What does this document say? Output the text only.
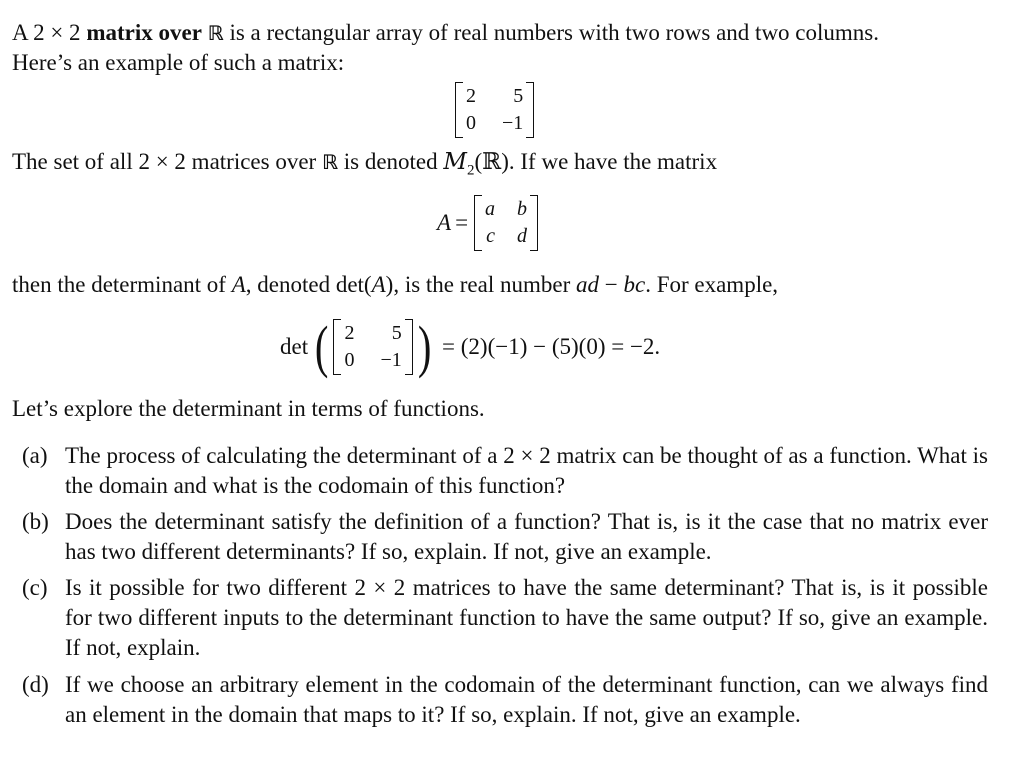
A 2 × 2 matrix over ℝ is a rectangular array of real numbers with two rows and two columns.
Here’s an example of such a matrix:
2	5
0 −1
The set of all 2 × 2 matrices over ℝ is denoted $M_2(ℝ)$. If we have the matrix
A =
a b
c d
then the determinant of A, denoted det(A), is the real number ad − bc. For example,
det ( 2	5
0 −1 ) = (2)(−1) − (5)(0) = −2.
Let’s explore the determinant in terms of functions.
(a) The process of calculating the determinant of a 2 × 2 matrix can be thought of as a function. What is the domain and what is the codomain of this function?
(b) Does the determinant satisfy the definition of a function? That is, is it the case that no matrix ever has two different determinants? If so, explain. If not, give an example.
(c) Is it possible for two different 2 × 2 matrices to have the same determinant? That is, is it possible for two different inputs to the determinant function to have the same output? If so, give an example. If not, explain.
(d) If we choose an arbitrary element in the codomain of the determinant function, can we always find an element in the domain that maps to it? If so, explain. If not, give an example.
